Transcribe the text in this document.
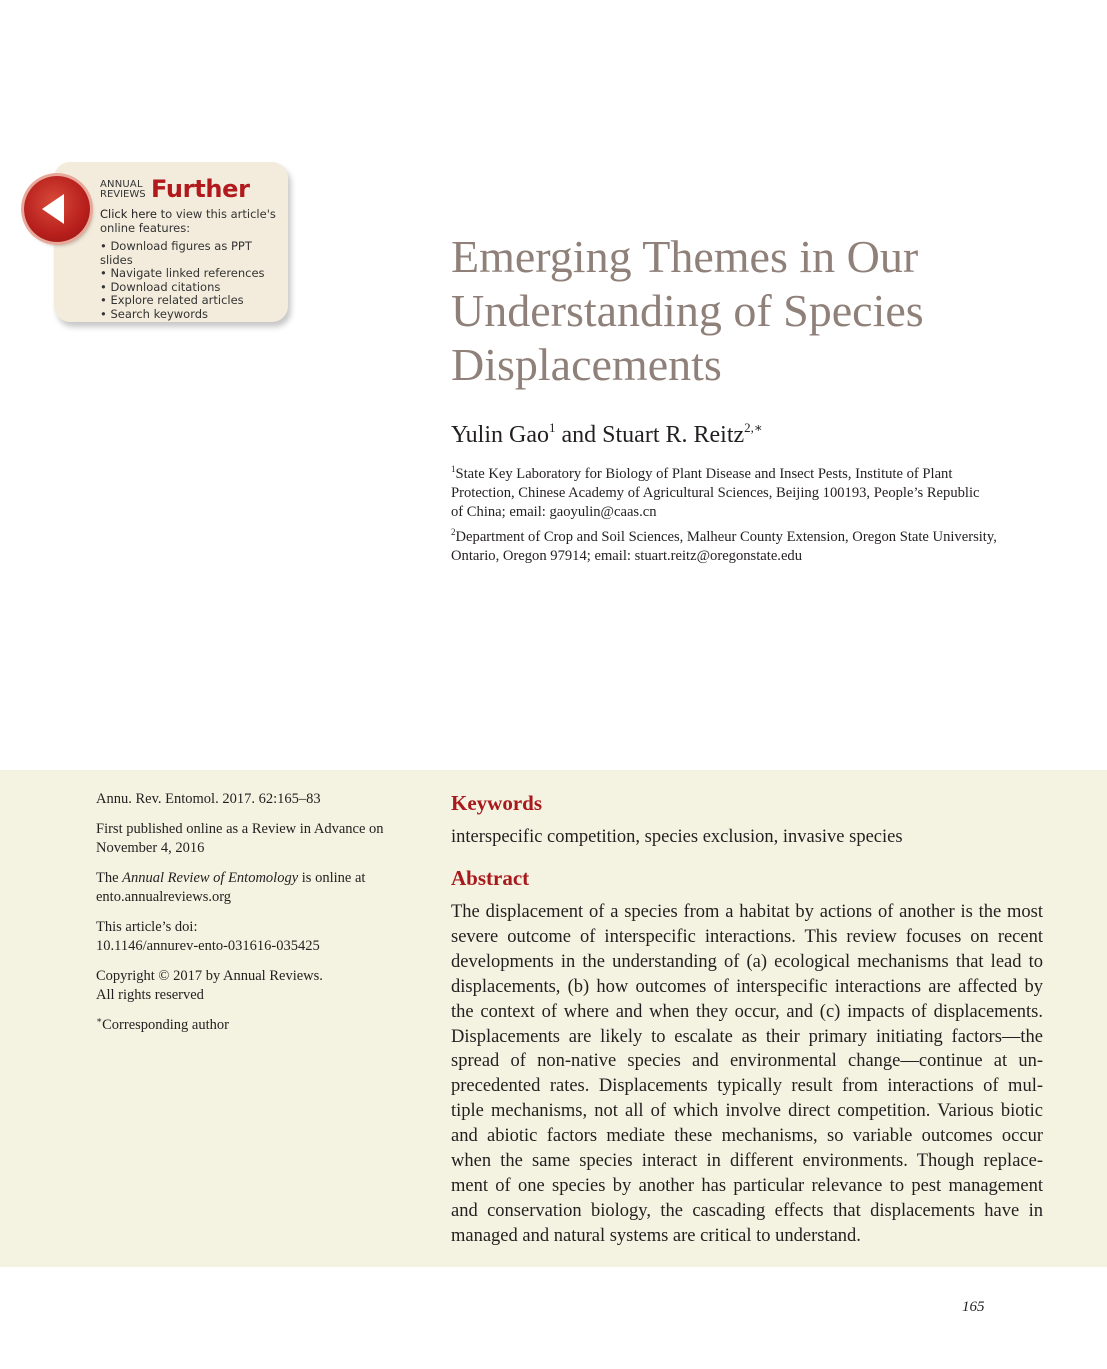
ANNUAL
REVIEWS Further
Click here to view this article's online features:
• Download figures as PPT slides
• Navigate linked references
• Download citations
• Explore related articles
• Search keywords
Emerging Themes in Our
Understanding of Species
Displacements
Yulin Gao$^1$ and Stuart R. Reitz$^{2,∗}$

$^1$State Key Laboratory for Biology of Plant Disease and Insect Pests, Institute of Plant
Protection, Chinese Academy of Agricultural Sciences, Beijing 100193, People’s Republic
of China; email: gaoyulin@caas.cn

$^2$Department of Crop and Soil Sciences, Malheur County Extension, Oregon State University,
Ontario, Oregon 97914; email: stuart.reitz@oregonstate.edu

Annu. Rev. Entomol. 2017. 62:165–83

First published online as a Review in Advance on
November 4, 2016

The Annual Review of Entomology is online at
ento.annualreviews.org

This article’s doi:
10.1146/annurev-ento-031616-035425

Copyright © 2017 by Annual Reviews.
All rights reserved

∗Corresponding author

Keywords
interspecific competition, species exclusion, invasive species
Abstract
The displacement of a species from a habitat by actions of another is the most
severe outcome of interspecific interactions. This review focuses on recent
developments in the understanding of (a) ecological mechanisms that lead to
displacements, (b) how outcomes of interspecific interactions are affected by
the context of where and when they occur, and (c) impacts of displacements.
Displacements are likely to escalate as their primary initiating factors—the
spread of non-native species and environmental change—continue at un-
precedented rates. Displacements typically result from interactions of mul-
tiple mechanisms, not all of which involve direct competition. Various biotic
and abiotic factors mediate these mechanisms, so variable outcomes occur
when the same species interact in different environments. Though replace-
ment of one species by another has particular relevance to pest management
and conservation biology, the cascading effects that displacements have in
managed and natural systems are critical to understand.
165
